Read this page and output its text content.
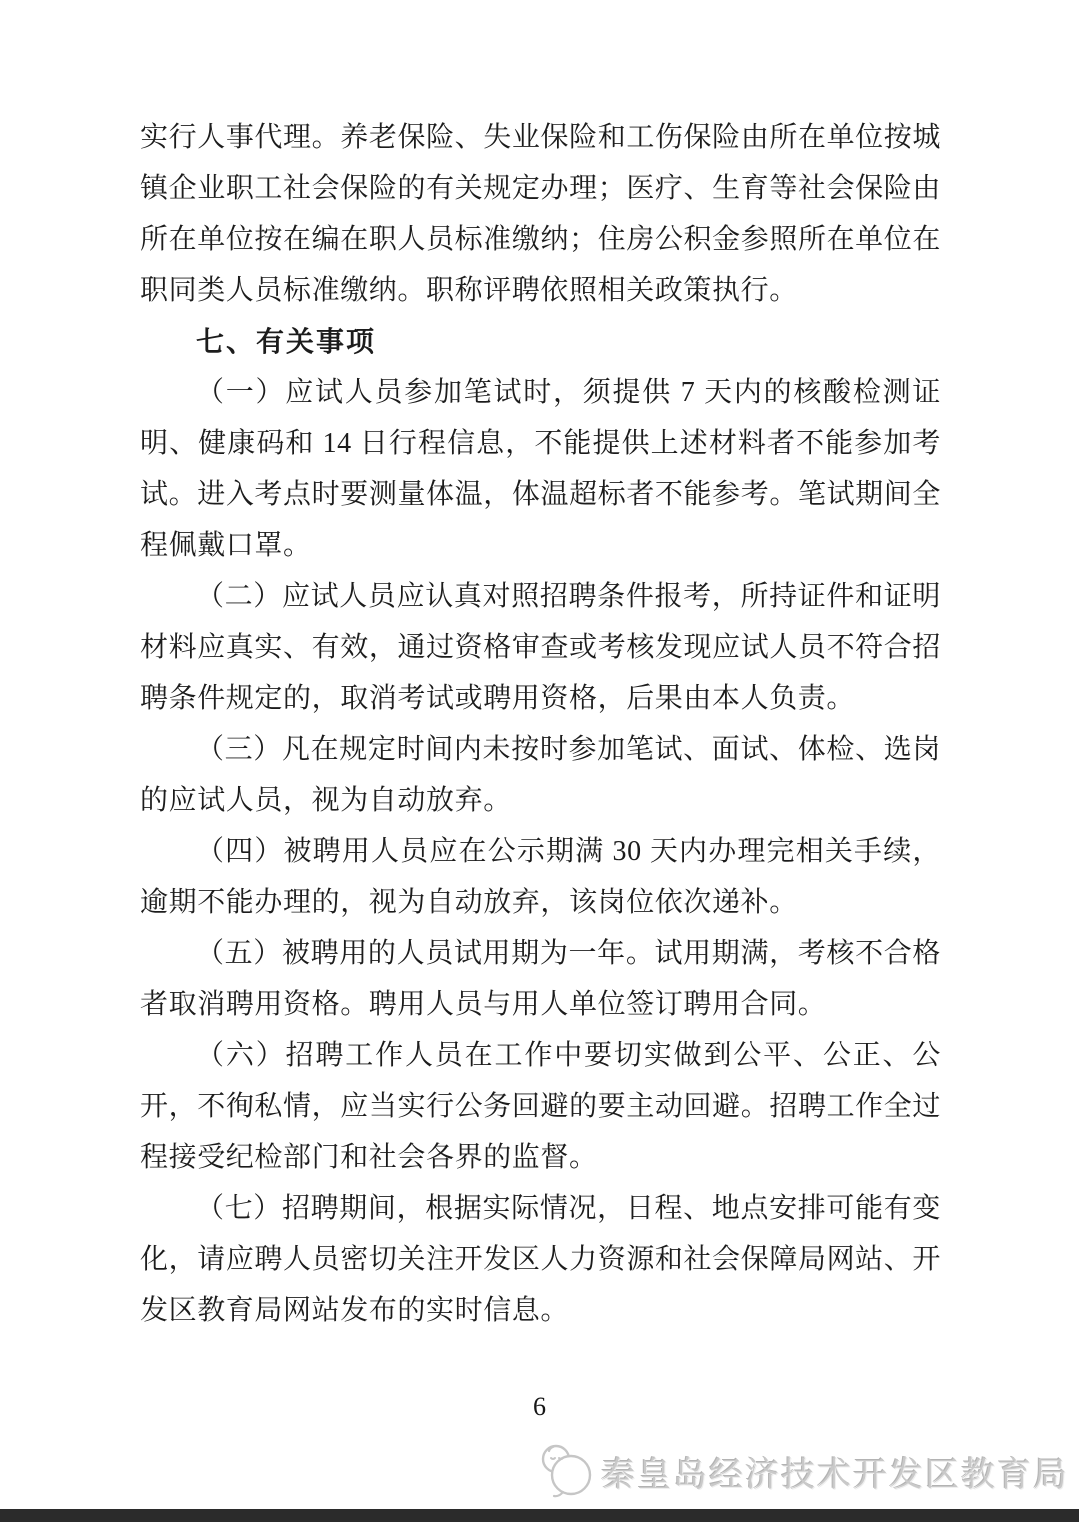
实行人事代理。养老保险、失业保险和工伤保险由所在单位按城镇企业职工社会保险的有关规定办理；医疗、生育等社会保险由所在单位按在编在职人员标准缴纳；住房公积金参照所在单位在职同类人员标准缴纳。职称评聘依照相关政策执行。

七、有关事项

（一）应试人员参加笔试时，须提供 7 天内的核酸检测证明、健康码和 14 日行程信息，不能提供上述材料者不能参加考试。进入考点时要测量体温，体温超标者不能参考。笔试期间全程佩戴口罩。

（二）应试人员应认真对照招聘条件报考，所持证件和证明材料应真实、有效，通过资格审查或考核发现应试人员不符合招聘条件规定的，取消考试或聘用资格，后果由本人负责。

（三）凡在规定时间内未按时参加笔试、面试、体检、选岗的应试人员，视为自动放弃。

（四）被聘用人员应在公示期满 30 天内办理完相关手续，逾期不能办理的，视为自动放弃，该岗位依次递补。

（五）被聘用的人员试用期为一年。试用期满，考核不合格者取消聘用资格。聘用人员与用人单位签订聘用合同。

（六）招聘工作人员在工作中要切实做到公平、公正、公开，不徇私情，应当实行公务回避的要主动回避。招聘工作全过程接受纪检部门和社会各界的监督。

（七）招聘期间，根据实际情况，日程、地点安排可能有变化，请应聘人员密切关注开发区人力资源和社会保障局网站、开发区教育局网站发布的实时信息。

6
秦皇岛经济技术开发区教育局
